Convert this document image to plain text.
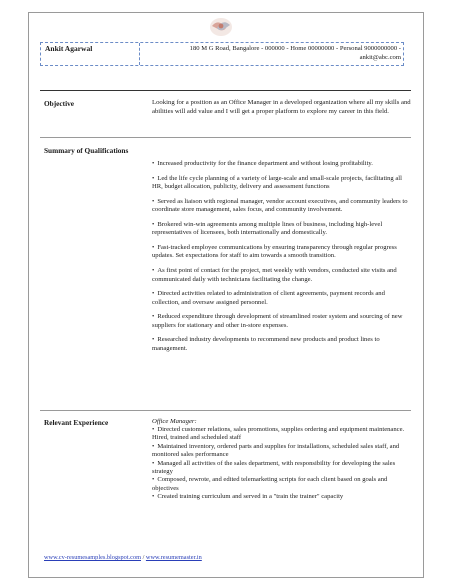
Ankit Agarwal	180 M G Road, Bangalore - 000000 - Home 00000000 - Personal 9000000000 -
ankit@abc.com
Objective	Looking for a position as an Office Manager in a developed organization where all my skills and abilities will add value and I will get a proper platform to explore my career in this field.
Summary of Qualifications
• Increased productivity for the finance department and without losing profitability.
• Led the life cycle planning of a variety of large-scale and small-scale projects, facilitating all HR, budget allocation, publicity, delivery and assessment functions
• Served as liaison with regional manager, vendor account executives, and community leaders to coordinate store management, sales focus, and community involvement.
• Brokered win-win agreements among multiple lines of business, including high-level representatives of licensees, both internationally and domestically.
• Fast-tracked employee communications by ensuring transparency through regular progress updates. Set expectations for staff to aim towards a smooth transition.
• As first point of contact for the project, met weekly with vendors, conducted site visits and communicated daily with technicians facilitating the change.
• Directed activities related to administration of client agreements, payment records and collection, and oversaw assigned personnel.
• Reduced expenditure through development of streamlined roster system and sourcing of new suppliers for stationary and other in-store expenses.
• Researched industry developments to recommend new products and product lines to management.
Relevant Experience	Office Manager:
• Directed customer relations, sales promotions, supplies ordering and equipment maintenance. Hired, trained and scheduled staff
• Maintained inventory, ordered parts and supplies for installations, scheduled sales staff, and monitored sales performance
• Managed all activities of the sales department, with responsibility for developing the sales strategy
• Composed, rewrote, and edited telemarketing scripts for each client based on goals and objectives
• Created training curriculum and served in a "train the trainer" capacity
www.cv-resumesamples.blogspot.com / www.resumemaster.in
